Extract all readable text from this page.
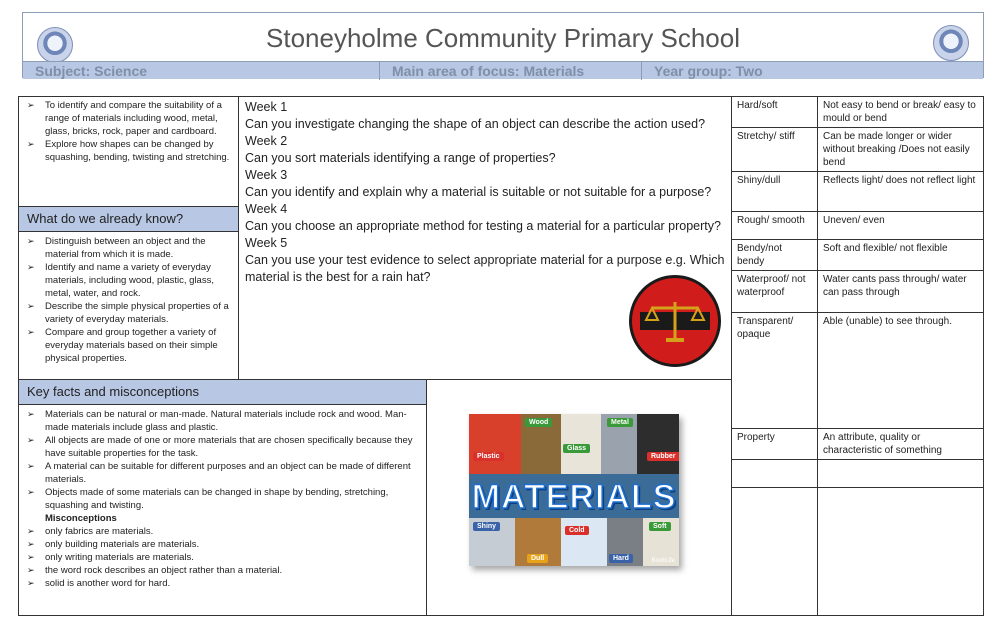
Stoneyholme Community Primary School
Subject: Science	Main area of focus: Materials	Year group: Two
➢ To identify and compare the suitability of a range of materials including wood, metal, glass, bricks, rock, paper and cardboard.
➢ Explore how shapes can be changed by squashing, bending, twisting and stretching.
What do we already know?
➢ Distinguish between an object and the material from which it is made.
➢ Identify and name a variety of everyday materials, including wood, plastic, glass, metal, water, and rock.
➢ Describe the simple physical properties of a variety of everyday materials.
➢ Compare and group together a variety of everyday materials based on their simple physical properties.
Week 1
Can you investigate changing the shape of an object can describe the action used?
Week 2
Can you sort materials identifying a range of properties?
Week 3
Can you identify and explain why a material is suitable or not suitable for a purpose?
Week 4
Can you choose an appropriate method for testing a material for a particular property?
Week 5
Can you use your test evidence to select appropriate material for a purpose e.g. Which material is the best for a rain hat?
Key facts and misconceptions
➢ Materials can be natural or man-made. Natural materials include rock and wood. Man-made materials include glass and plastic.
➢ All objects are made of one or more materials that are chosen specifically because they have suitable properties for the task.
➢ A material can be suitable for different purposes and an object can be made of different materials.
➢ Objects made of some materials can be changed in shape by bending, stretching, squashing and twisting.
Misconceptions
➢ only fabrics are materials.
➢ only building materials are materials.
➢ only writing materials are materials.
➢ the word rock describes an object rather than a material.
➢ solid is another word for hard.
Wood	Metal
Plastic
Glass
Rubber
MATERIALS
Shiny
Cold
Soft
Dull	Hard	BookLife
Hard/soft	Not easy to bend or break/ easy to mould or bend
Stretchy/ stiff	Can be made longer or wider without breaking /Does not easily bend
Shiny/dull	Reflects light/ does not reflect light
Rough/ smooth	Uneven/ even
Bendy/not bendy	Soft and flexible/ not flexible
Waterproof/ not waterproof	Water cants pass through/ water can pass through
Transparent/ opaque	Able (unable) to see through.
Property	An attribute, quality or characteristic of something
